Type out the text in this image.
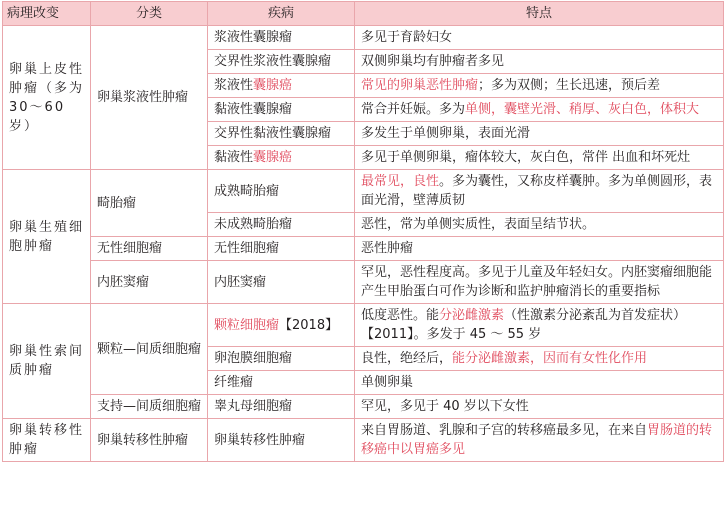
病理改变	分类	疾病	特点
卵巢上皮性肿瘤（多为30～60岁）	卵巢浆液性肿瘤	浆液性囊腺瘤	多见于育龄妇女
		交界性浆液性囊腺瘤	双侧卵巢均有肿瘤者多见
		浆液性囊腺癌	常见的卵巢恶性肿瘤；多为双侧；生长迅速，预后差
		黏液性囊腺瘤	常合并妊娠。多为单侧，囊壁光滑、稍厚、灰白色，体积大
		交界性黏液性囊腺瘤	多发生于单侧卵巢，表面光滑
		黏液性囊腺癌	多见于单侧卵巢，瘤体较大，灰白色，常伴 出血和坏死灶
卵巢生殖细胞肿瘤	畸胎瘤	成熟畸胎瘤	最常见，良性。多为囊性，又称皮样囊肿。多为单侧圆形，表面光滑，壁薄质韧
		未成熟畸胎瘤	恶性，常为单侧实质性，表面呈结节状。
	无性细胞瘤	无性细胞瘤	恶性肿瘤
	内胚窦瘤	内胚窦瘤	罕见，恶性程度高。多见于儿童及年轻妇女。内胚窦瘤细胞能产生甲胎蛋白可作为诊断和监护肿瘤消长的重要指标
卵巢性索间质肿瘤	颗粒—间质细胞瘤	颗粒细胞瘤【2018】	低度恶性。能分泌雌激素（性激素分泌紊乱为首发症状）【2011】。多发于 45 ～ 55 岁
		卵泡膜细胞瘤	良性，绝经后，能分泌雌激素，因而有女性化作用
		纤维瘤	单侧卵巢
	支持—间质细胞瘤	睾丸母细胞瘤	罕见，多见于 40 岁以下女性
卵巢转移性肿瘤	卵巢转移性肿瘤	卵巢转移性肿瘤	来自胃肠道、乳腺和子宫的转移癌最多见，在来自胃肠道的转移癌中以胃癌多见
